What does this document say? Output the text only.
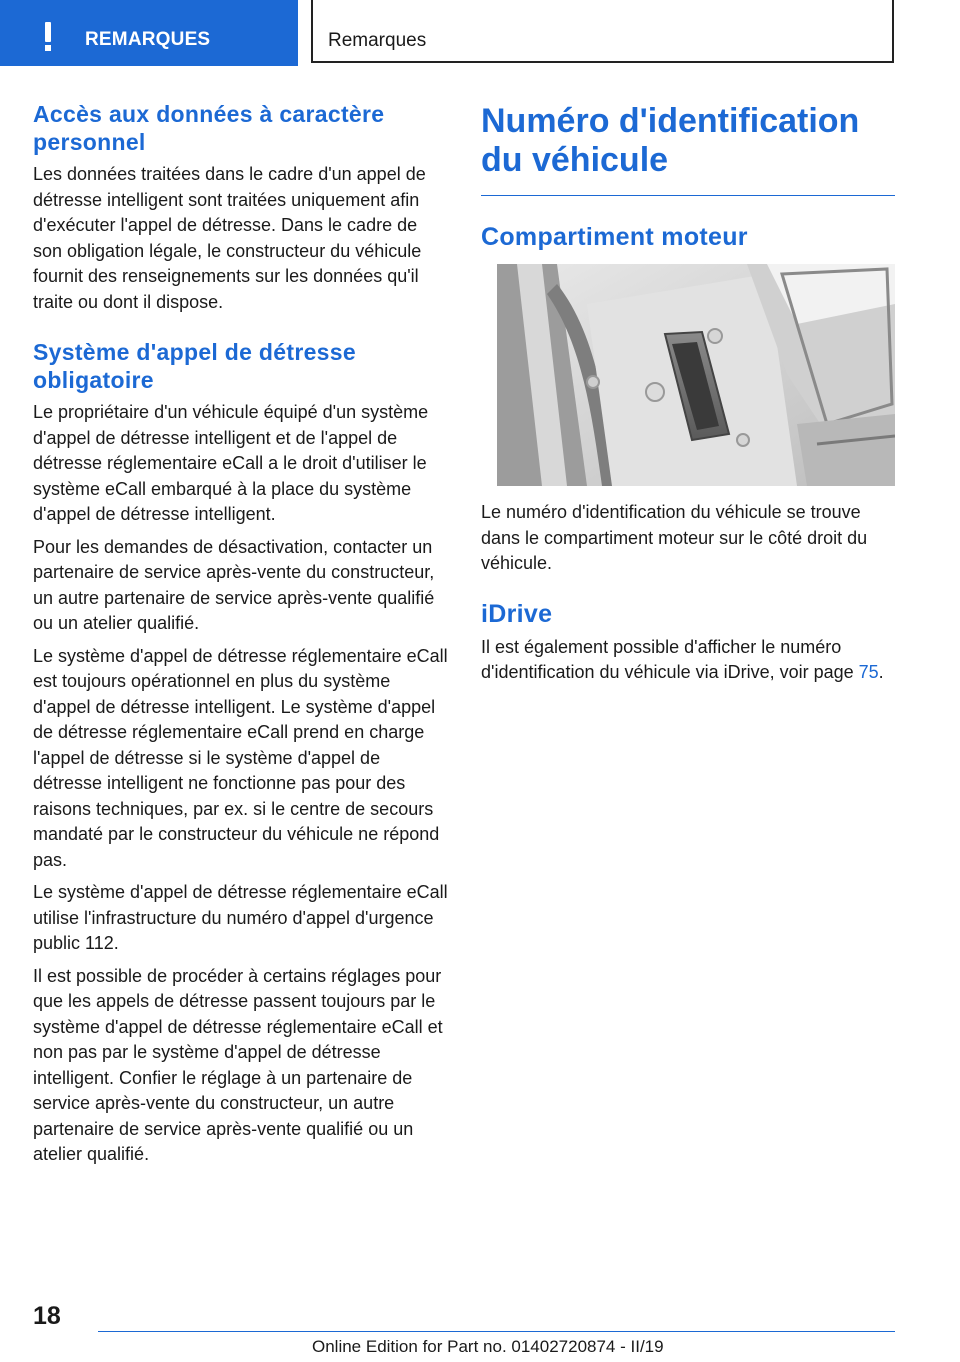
REMARQUES	Remarques
Accès aux données à caractère personnel

Les données traitées dans le cadre d'un appel de détresse intelligent sont traitées uniquement afin d'exécuter l'appel de détresse. Dans le cadre de son obligation légale, le constructeur du véhicule fournit des renseignements sur les données qu'il traite ou dont il dispose.

Système d'appel de détresse obligatoire

Le propriétaire d'un véhicule équipé d'un système d'appel de détresse intelligent et de l'appel de détresse réglementaire eCall a le droit d'utiliser le système eCall embarqué à la place du système d'appel de détresse intelligent.

Pour les demandes de désactivation, contacter un partenaire de service après-vente du constructeur, un autre partenaire de service après-vente qualifié ou un atelier qualifié.

Le système d'appel de détresse réglementaire eCall est toujours opérationnel en plus du système d'appel de détresse intelligent. Le système d'appel de détresse réglementaire eCall prend en charge l'appel de détresse si le système d'appel de détresse intelligent ne fonctionne pas pour des raisons techniques, par ex. si le centre de secours mandaté par le constructeur du véhicule ne répond pas.

Le système d'appel de détresse réglementaire eCall utilise l'infrastructure du numéro d'appel d'urgence public 112.

Il est possible de procéder à certains réglages pour que les appels de détresse passent toujours par le système d'appel de détresse réglementaire eCall et non pas par le système d'appel de détresse intelligent. Confier le réglage à un partenaire de service après-vente du constructeur, un autre partenaire de service après-vente qualifié ou un atelier qualifié.

Numéro d'identification du véhicule
Compartiment moteur

Le numéro d'identification du véhicule se trouve dans le compartiment moteur sur le côté droit du véhicule.

iDrive

Il est également possible d'afficher le numéro d'identification du véhicule via iDrive, voir page 75.

18
Online Edition for Part no. 01402720874 - II/19
